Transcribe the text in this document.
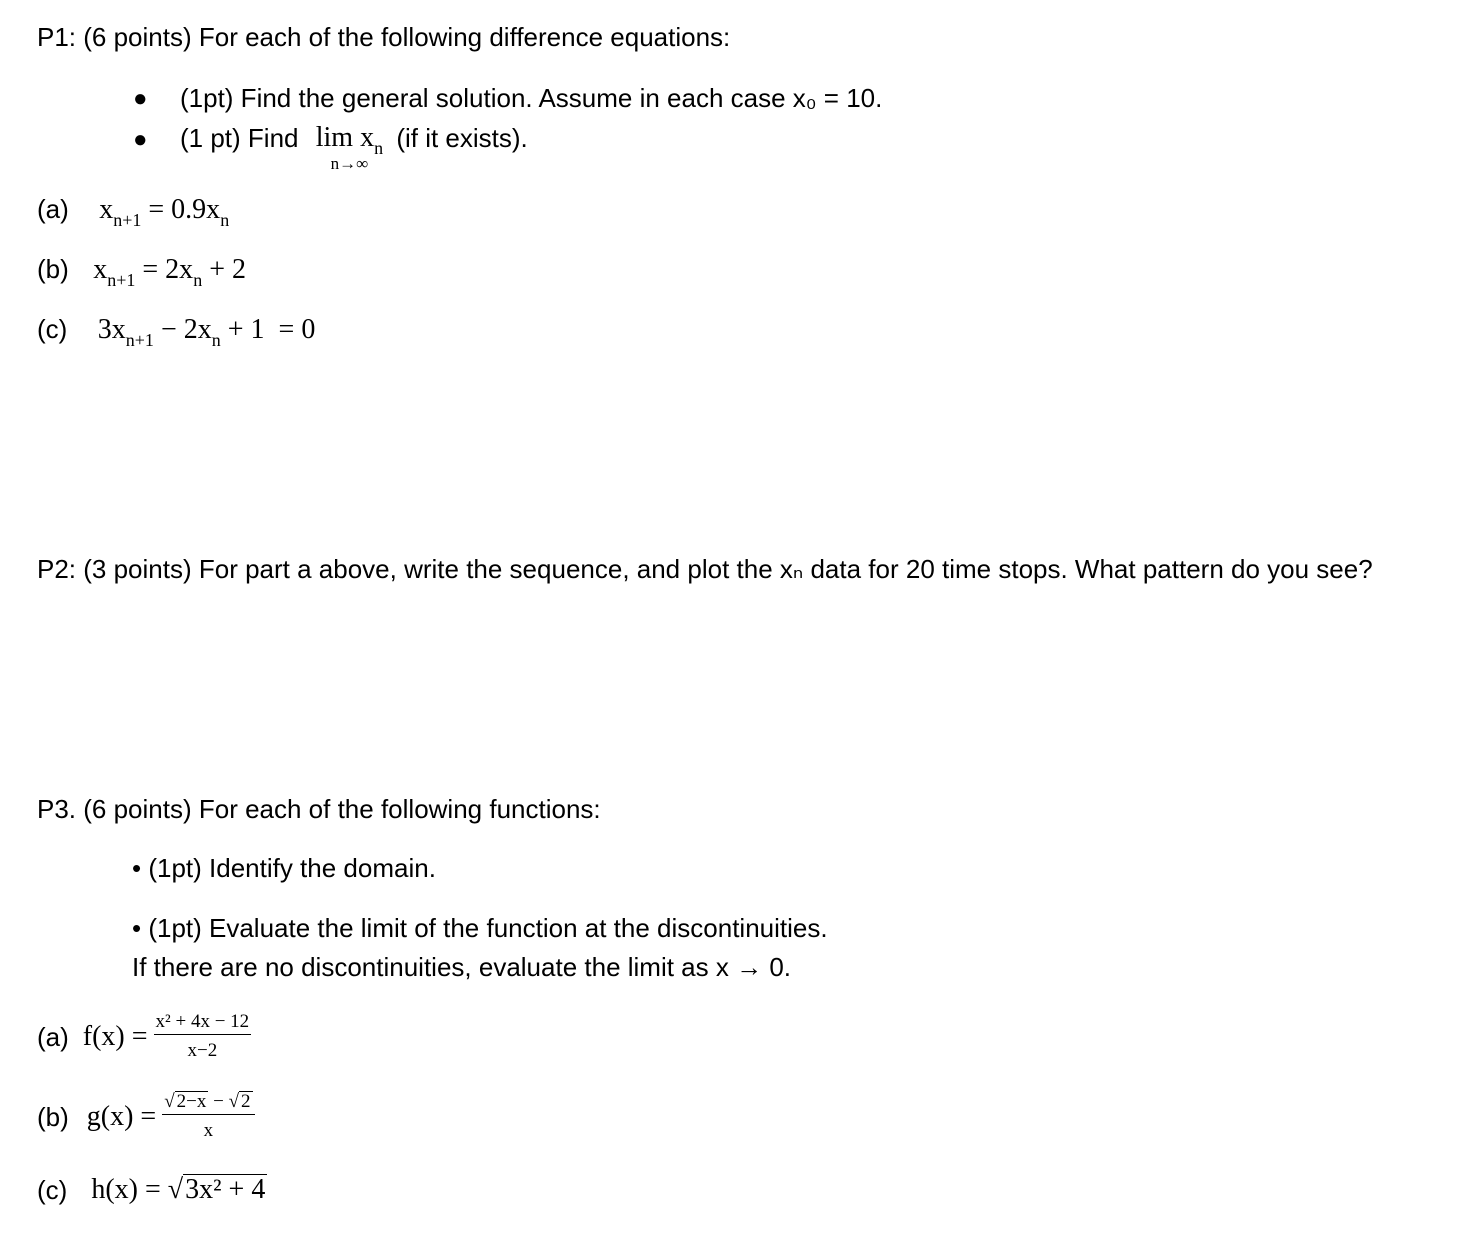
P1: (6 points) For each of the following difference equations:
● (1pt) Find the general solution. Assume in each case x₀ = 10.
● (1 pt) Find $\lim x_n$
n→∞
(if it exists).
(a) $x_{n+1} = 0.9x_n$
(b) $x_{n+1} = 2x_n + 2$
(c) $3x_{n+1} - 2x_n + 1 = 0$
P2: (3 points) For part a above, write the sequence, and plot the xₙ data for 20 time stops. What pattern do you see?
P3. (6 points) For each of the following functions:
• (1pt) Identify the domain.
• (1pt) Evaluate the limit of the function at the discontinuities.
If there are no discontinuities, evaluate the limit as x → 0.
(a) $f(x) = \frac{\text{x² + 4x − 12}}{x-2}$
(b) $g(x) = \frac{√ 2-x - √ 2}{x}$
(c) h(x) = √ 3x² + 4
